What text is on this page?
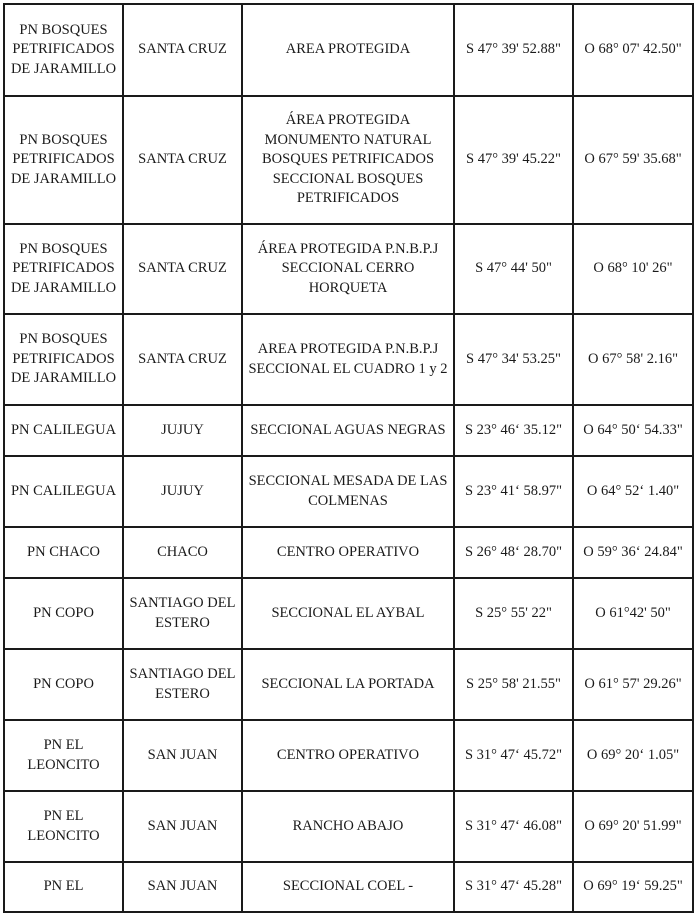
PN BOSQUES PETRIFICADOS DE JARAMILLO	SANTA CRUZ	AREA PROTEGIDA	S 47° 39' 52.88"	O 68° 07' 42.50"
PN BOSQUES PETRIFICADOS DE JARAMILLO	SANTA CRUZ	ÁREA PROTEGIDA MONUMENTO NATURAL BOSQUES PETRIFICADOS SECCIONAL BOSQUES PETRIFICADOS	S 47° 39' 45.22"	O 67° 59' 35.68"
PN BOSQUES PETRIFICADOS DE JARAMILLO	SANTA CRUZ	ÁREA PROTEGIDA P.N.B.P.J SECCIONAL CERRO HORQUETA	S 47° 44' 50"	O 68° 10' 26"
PN BOSQUES PETRIFICADOS DE JARAMILLO	SANTA CRUZ	AREA PROTEGIDA P.N.B.P.J SECCIONAL EL CUADRO 1 y 2	S 47° 34' 53.25"	O 67° 58' 2.16"
PN CALILEGUA	JUJUY	SECCIONAL AGUAS NEGRAS	S 23° 46‘ 35.12"	O 64° 50‘ 54.33"
PN CALILEGUA	JUJUY	SECCIONAL MESADA DE LAS COLMENAS	S 23° 41‘ 58.97"	O 64° 52‘ 1.40"
PN CHACO	CHACO	CENTRO OPERATIVO	S 26° 48‘ 28.70"	O 59° 36‘ 24.84"
PN COPO	SANTIAGO DEL ESTERO	SECCIONAL EL AYBAL	S 25° 55' 22"	O 61°42' 50"
PN COPO	SANTIAGO DEL ESTERO	SECCIONAL LA PORTADA	S 25° 58' 21.55"	O 61° 57' 29.26"
PN EL LEONCITO	SAN JUAN	CENTRO OPERATIVO	S 31° 47‘ 45.72"	O 69° 20‘ 1.05"
PN EL LEONCITO	SAN JUAN	RANCHO ABAJO	S 31° 47‘ 46.08"	O 69° 20' 51.99"
PN EL	SAN JUAN	SECCIONAL COEL -	S 31° 47‘ 45.28"	O 69° 19‘ 59.25"
